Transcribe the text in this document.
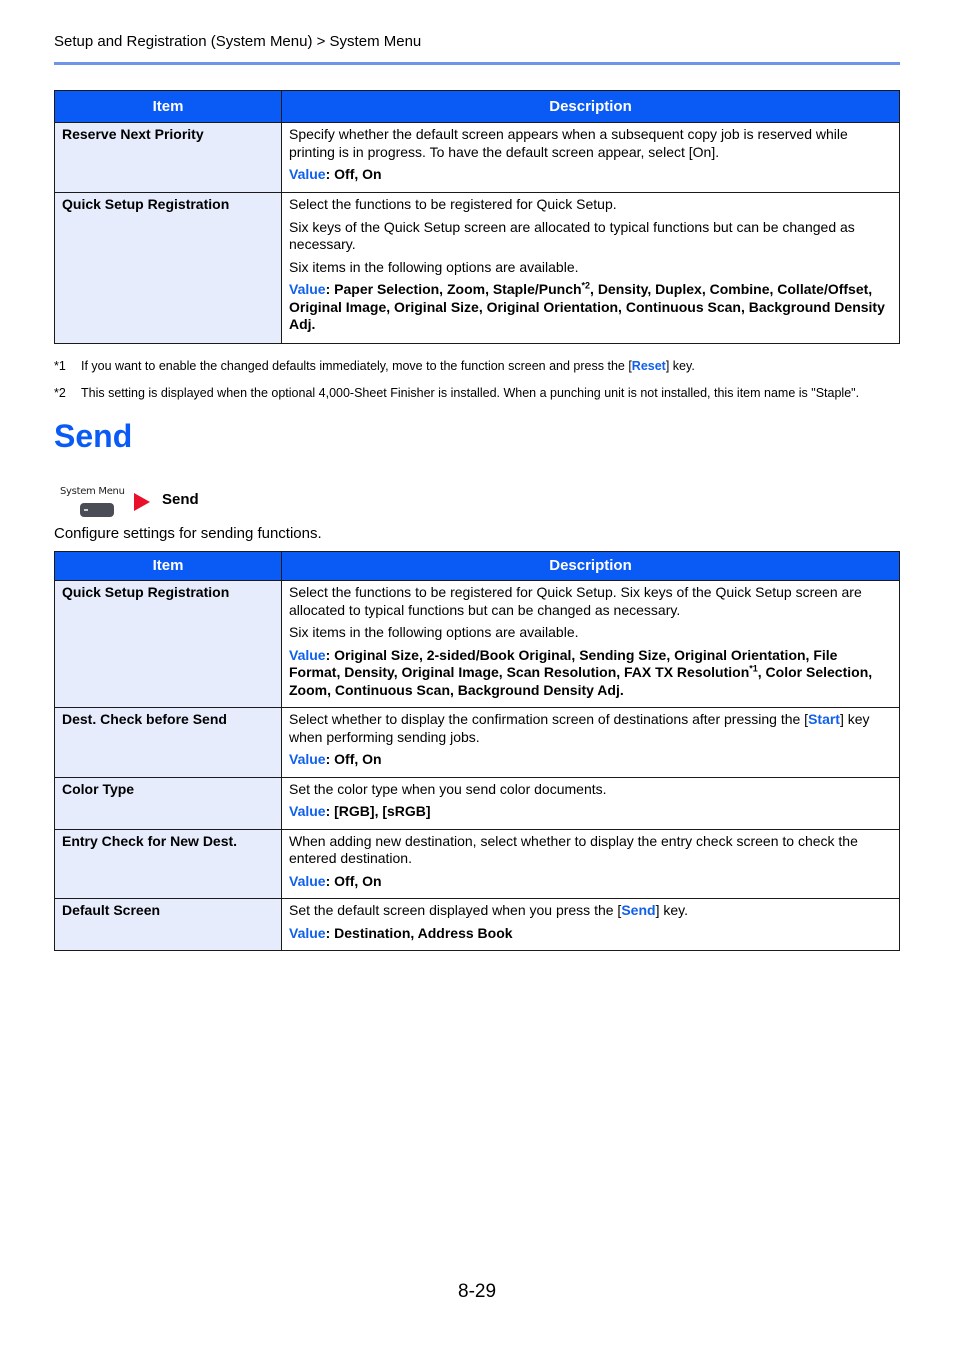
Setup and Registration (System Menu) > System Menu
Item	Description
Reserve Next Priority	Specify whether the default screen appears when a subsequent copy job is reserved while printing is in progress. To have the default screen appear, select [On].

Value: Off, On

Quick Setup Registration	Select the functions to be registered for Quick Setup.

Six keys of the Quick Setup screen are allocated to typical functions but can be changed as necessary.

Six items in the following options are available.

Value: Paper Selection, Zoom, Staple/Punch$^{*2}$, Density, Duplex, Combine, Collate/Offset, Original Image, Original Size, Original Orientation, Continuous Scan, Background Density Adj.

*1	If you want to enable the changed defaults immediately, move to the function screen and press the [Reset] key.
*2	This setting is displayed when the optional 4,000-Sheet Finisher is installed. When a punching unit is not installed, this item name is "Staple".
Send
System Menu Send
Configure settings for sending functions.
Item	Description
Quick Setup Registration	Select the functions to be registered for Quick Setup. Six keys of the Quick Setup screen are allocated to typical functions but can be changed as necessary.

Six items in the following options are available.

Value: Original Size, 2-sided/Book Original, Sending Size, Original Orientation, File Format, Density, Original Image, Scan Resolution, FAX TX Resolution$^{*1}$, Color Selection, Zoom, Continuous Scan, Background Density Adj.

Dest. Check before Send	Select whether to display the confirmation screen of destinations after pressing the [Start] key when performing sending jobs.

Value: Off, On

Color Type	Set the color type when you send color documents.

Value: [RGB], [sRGB]

Entry Check for New Dest.	When adding new destination, select whether to display the entry check screen to check the entered destination.

Value: Off, On

Default Screen	Set the default screen displayed when you press the [Send] key.

Value: Destination, Address Book

8-29
